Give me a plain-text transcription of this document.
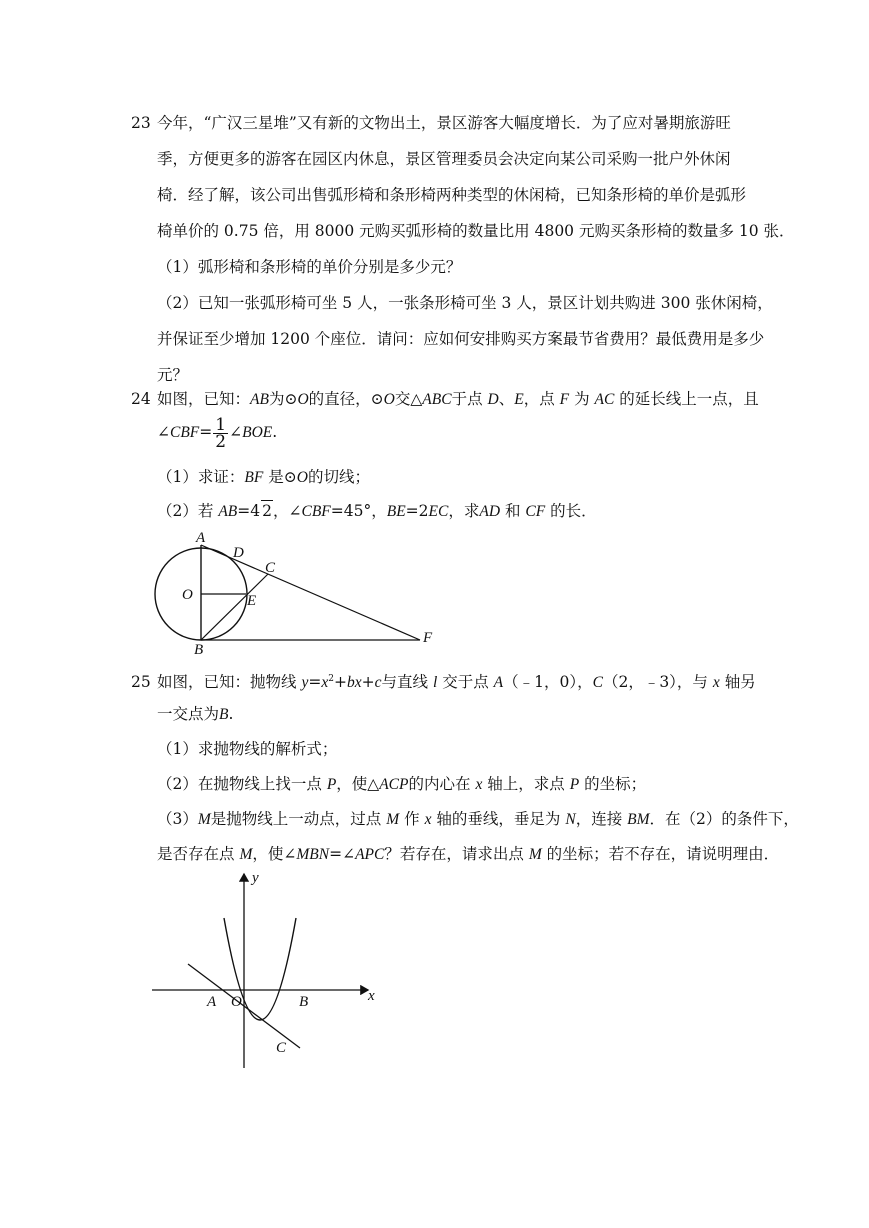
23 今年，“广汉三星堆”又有新的文物出土，景区游客大幅度增长．为了应对暑期旅游旺
季，方便更多的游客在园区内休息，景区管理委员会决定向某公司采购一批户外休闲
椅．经了解，该公司出售弧形椅和条形椅两种类型的休闲椅，已知条形椅的单价是弧形
椅单价的 0.75 倍，用 8000 元购买弧形椅的数量比用 4800 元购买条形椅的数量多 10 张．
（1）弧形椅和条形椅的单价分别是多少元？
（2）已知一张弧形椅可坐 5 人，一张条形椅可坐 3 人，景区计划共购进 300 张休闲椅，
并保证至少增加 1200 个座位．请问：应如何安排购买方案最节省费用？最低费用是多少
元？
24 如图，已知：AB为⊙O的直径，⊙O交△ABC于点 D、E，点 F 为 AC 的延长线上一点，且
∠CBF= $\frac{1}{2}$ ∠BOE.
（1）求证：BF 是⊙O的切线；
（2）若 AB=4 2，∠CBF=45°，BE=2EC，求AD 和 CF 的长．
A
D
C
O	E
B
F
25 如图，已知：抛物线 $y=x^2+bx+c$与直线 l 交于点 A（﹣1，0），C（2，﹣3），与 x 轴另
一交点为B.
（1）求抛物线的解析式；
（2）在抛物线上找一点 P，使△ACP的内心在 x 轴上，求点 P 的坐标；
（3）M是抛物线上一动点，过点 M 作 x 轴的垂线，垂足为 N，连接 BM．在（2）的条件下，
是否存在点 M，使∠MBN=∠APC？若存在，请求出点 M 的坐标；若不存在，请说明理由．
y
x
A O	B
C
